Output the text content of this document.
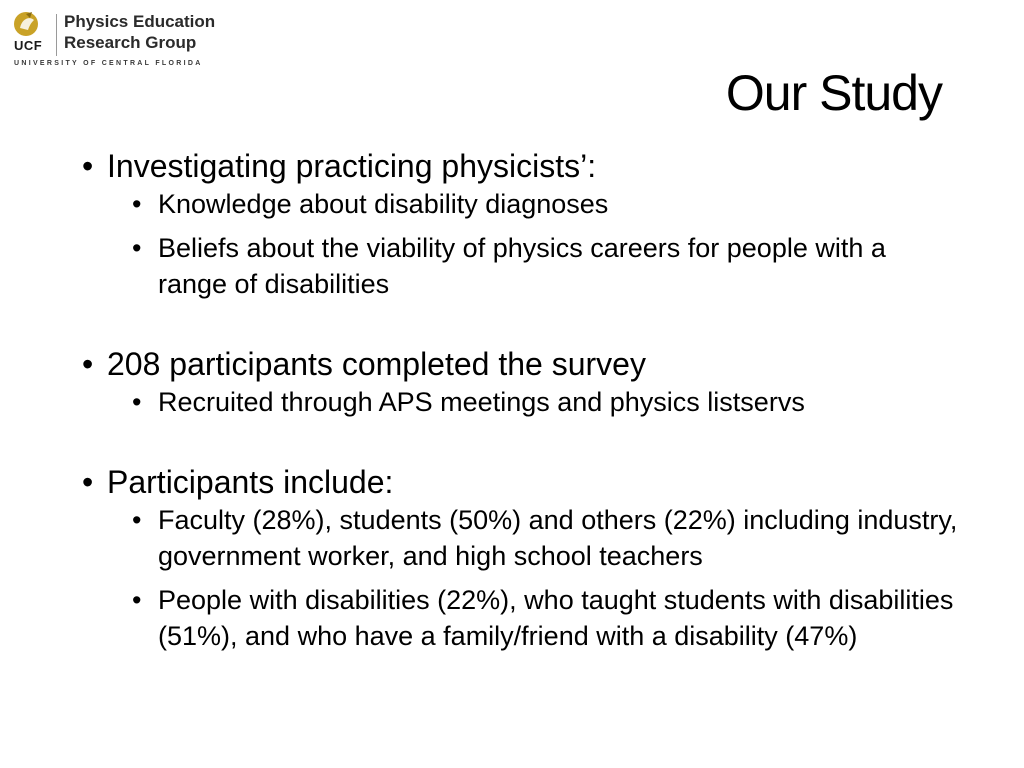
UCF
Physics Education
Research Group
UNIVERSITY OF CENTRAL FLORIDA
Our Study

• Investigating practicing physicists’:

• Knowledge about disability diagnoses

• Beliefs about the viability of physics careers for people with a range of disabilities

• 208 participants completed the survey

• Recruited through APS meetings and physics listservs

• Participants include:

• Faculty (28%), students (50%) and others (22%) including industry, government worker, and high school teachers

• People with disabilities (22%), who taught students with disabilities (51%), and who have a family/friend with a disability (47%)
